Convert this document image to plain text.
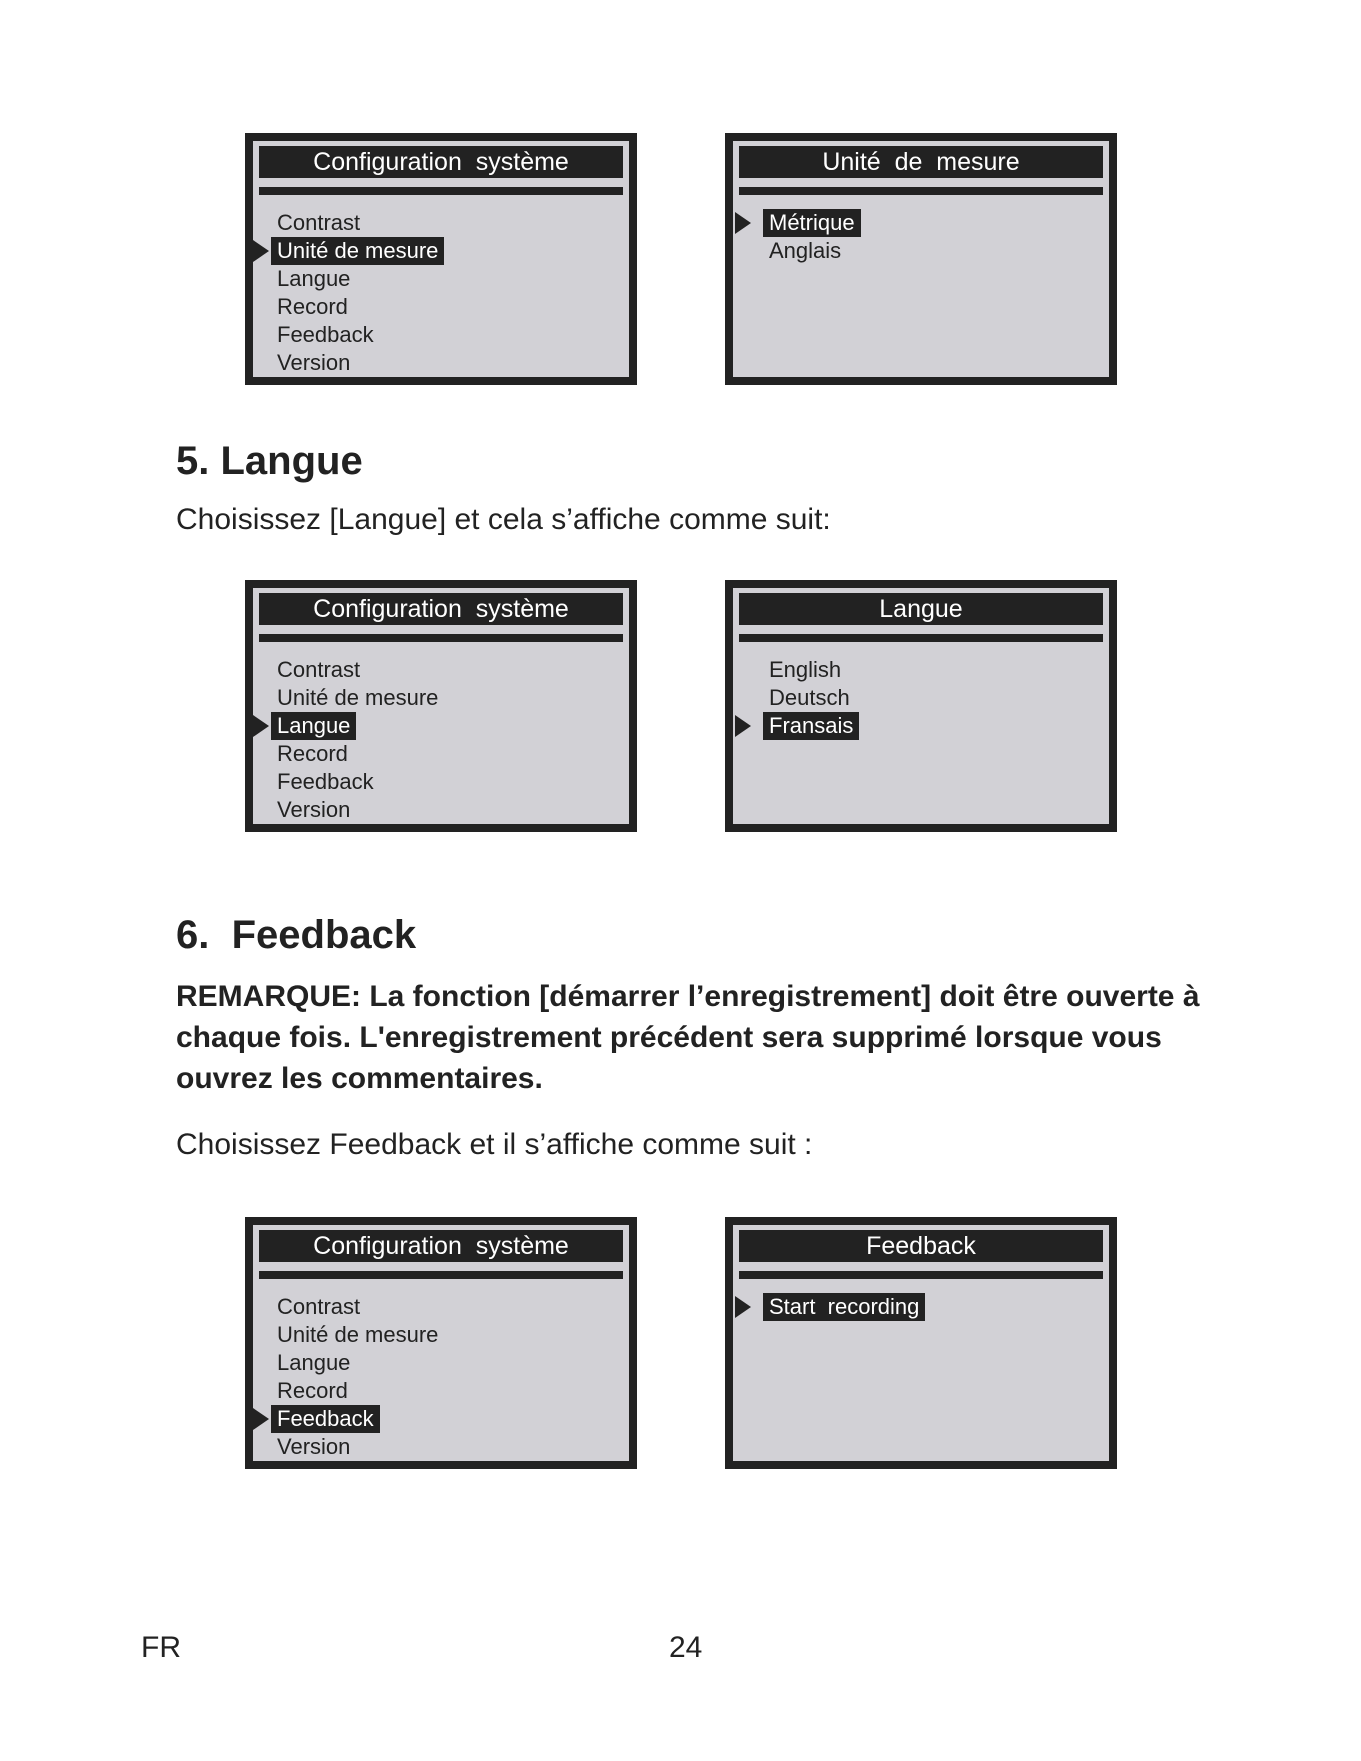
Configuration  système
Contrast
Unité de mesure
Langue
Record
Feedback
Version
Unité  de  mesure
Métrique
Anglais
5. Langue
Choisissez [Langue] et cela s’affiche comme suit:
Configuration  système
Contrast
Unité de mesure
Langue
Record
Feedback
Version
Langue
English
Deutsch
Fransais
6.  Feedback
REMARQUE: La fonction [démarrer l’enregistrement] doit être ouverte à chaque fois. L'enregistrement précédent sera supprimé lorsque vous ouvrez les commentaires.
Choisissez Feedback et il s’affiche comme suit :
Configuration  système
Contrast
Unité de mesure
Langue
Record
Feedback
Version
Feedback
Start  recording
FR	24
